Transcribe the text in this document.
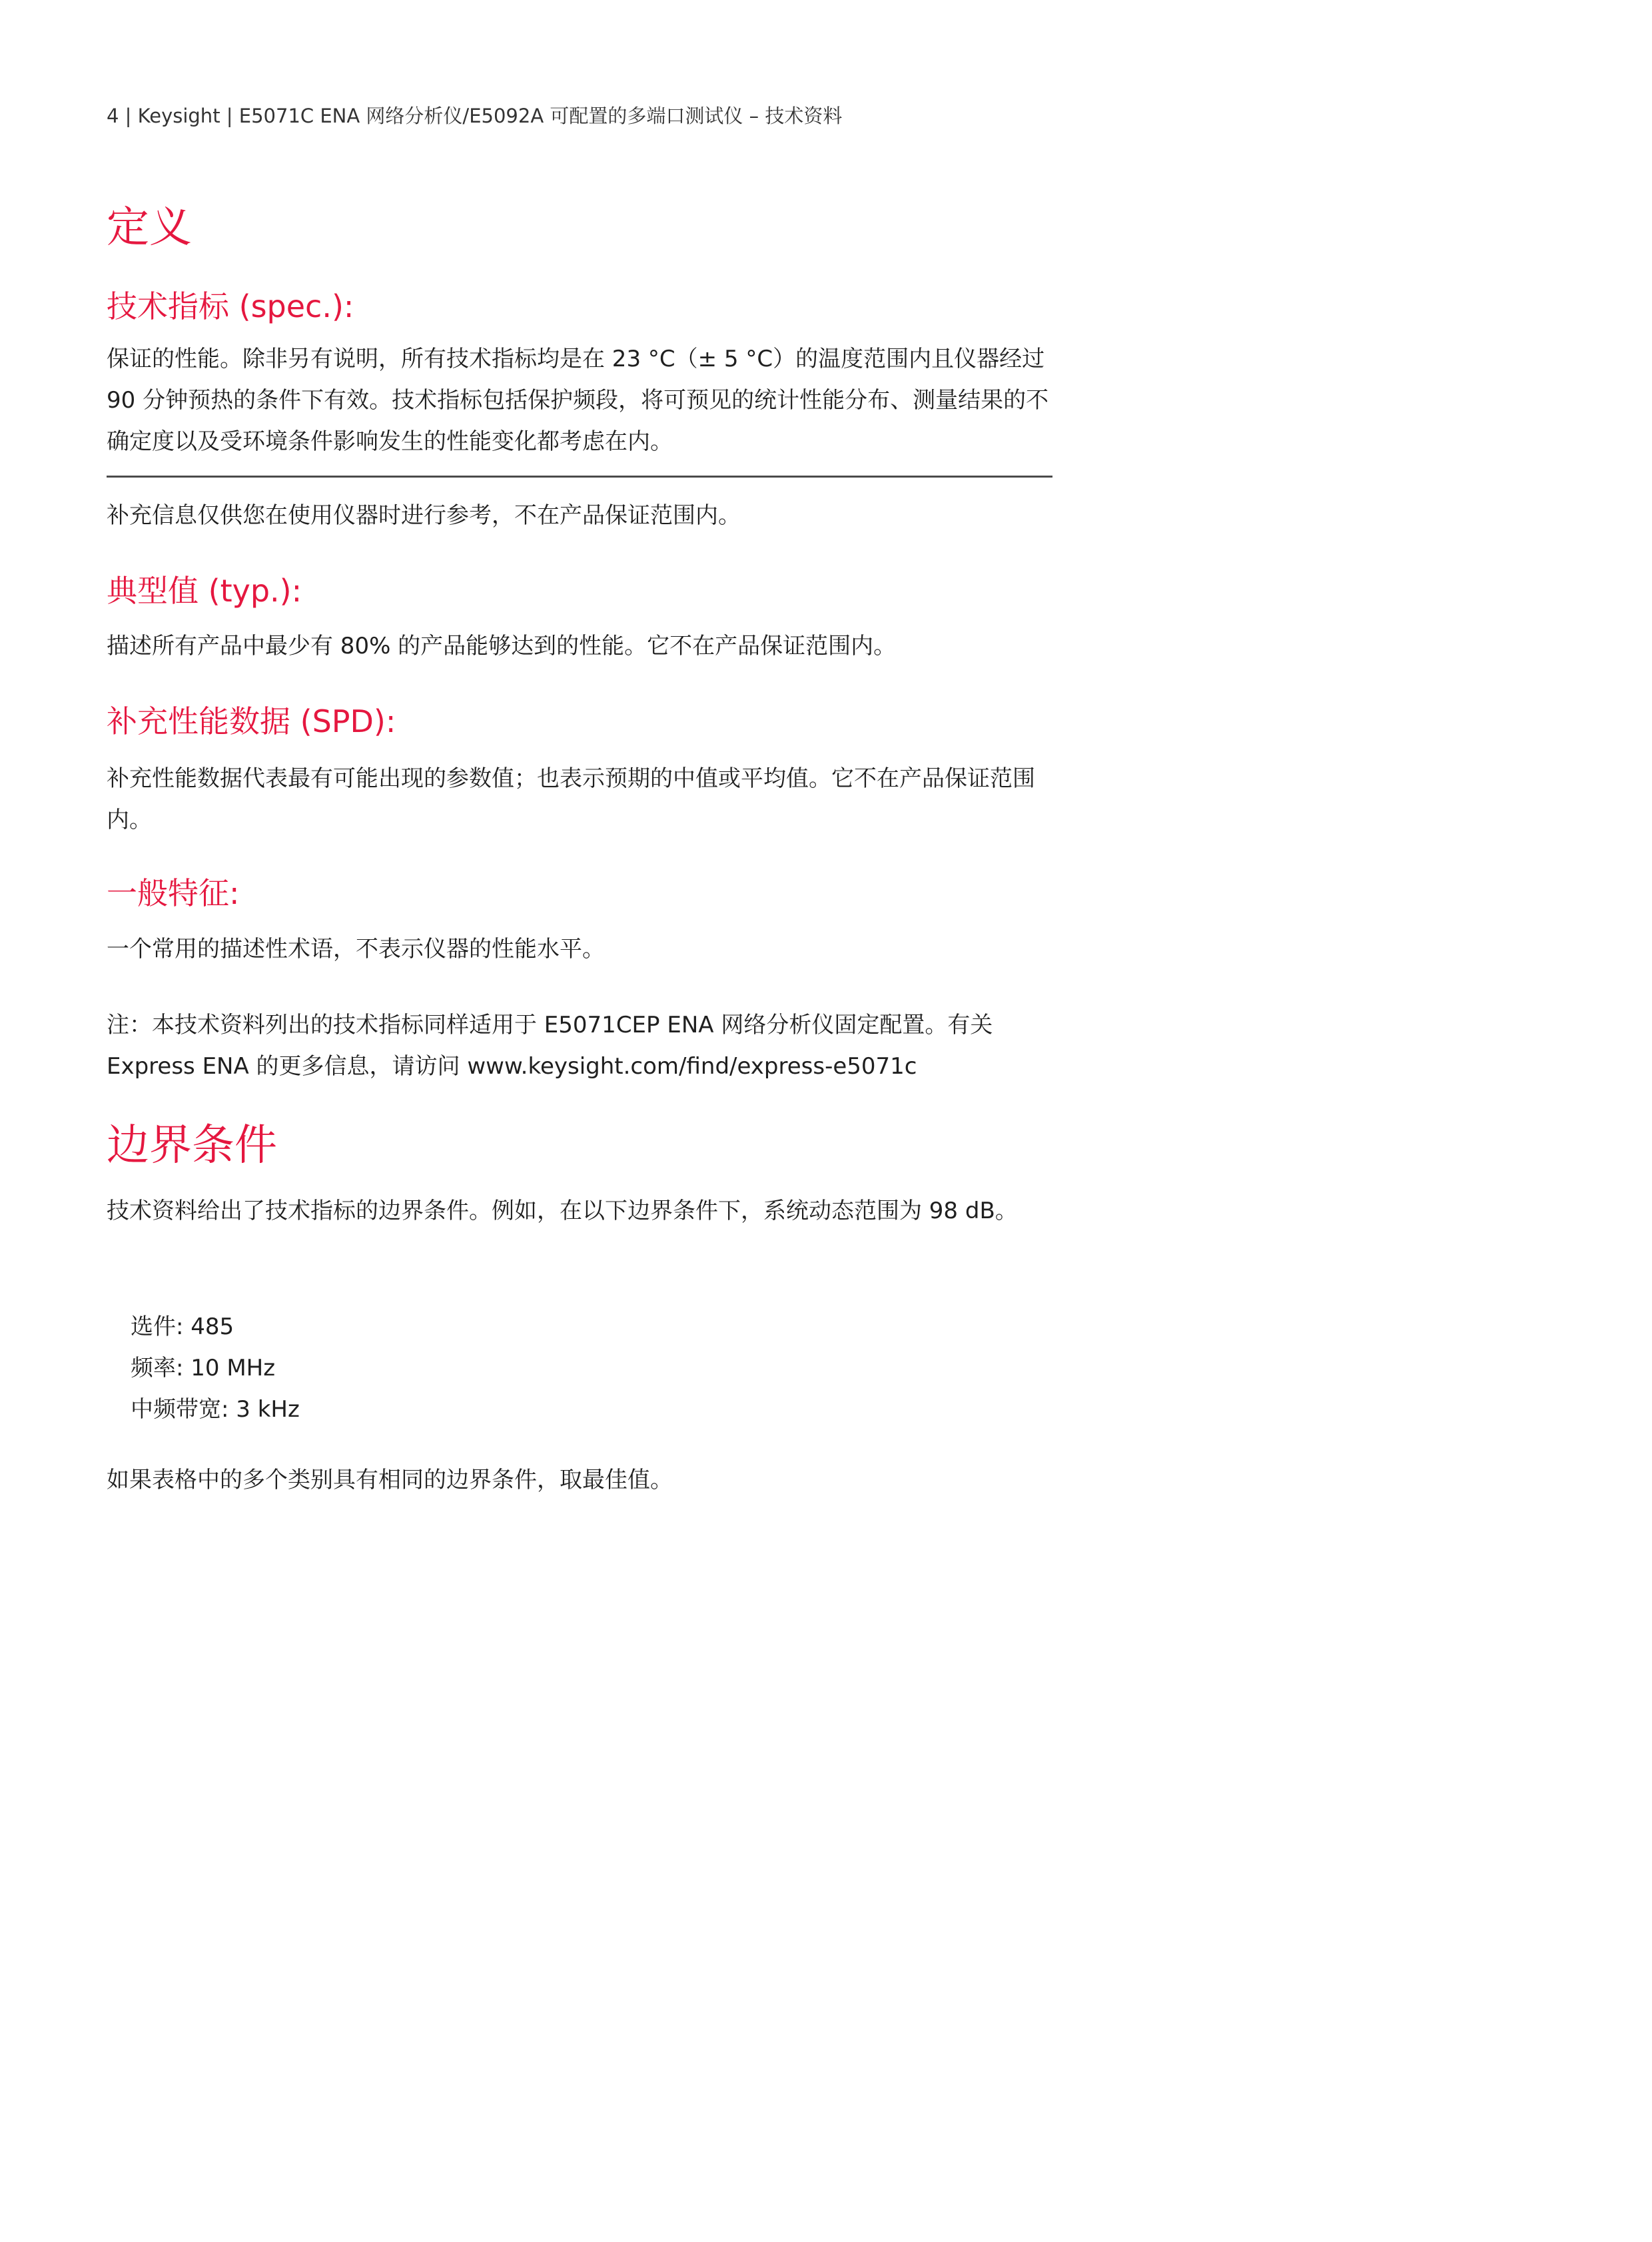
4 | Keysight | E5071C ENA 网络分析仪/E5092A 可配置的多端口测试仪 – 技术资料
定义
技术指标 (spec.):

保证的性能。除非另有说明，所有技术指标均是在 23 °C（± 5 °C）的温度范围内且仪器经过 90 分钟预热的条件下有效。技术指标包括保护频段，将可预见的统计性能分布、测量结果的不确定度以及受环境条件影响发生的性能变化都考虑在内。

补充信息仅供您在使用仪器时进行参考，不在产品保证范围内。

典型值 (typ.):

描述所有产品中最少有 80% 的产品能够达到的性能。它不在产品保证范围内。

补充性能数据 (SPD):

补充性能数据代表最有可能出现的参数值；也表示预期的中值或平均值。它不在产品保证范围内。

一般特征:

一个常用的描述性术语，不表示仪器的性能水平。

注：本技术资料列出的技术指标同样适用于 E5071CEP ENA 网络分析仪固定配置。有关 Express ENA 的更多信息，请访问 www.keysight.com/find/express-e5071c

边界条件

技术资料给出了技术指标的边界条件。例如，在以下边界条件下，系统动态范围为 98 dB。

选件: 485
频率: 10 MHz
中频带宽: 3 kHz

如果表格中的多个类别具有相同的边界条件，取最佳值。
